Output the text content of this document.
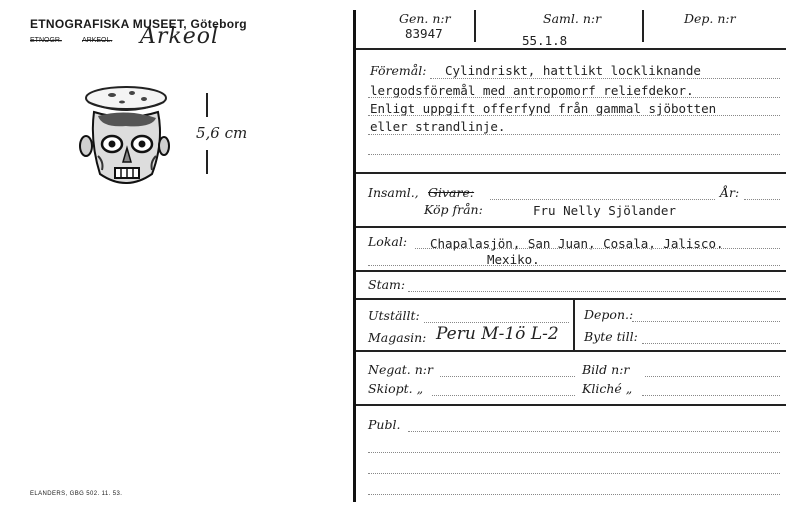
ETNOGRAFISKA MUSEET, Göteborg
ETNOGR.	ARKEOL. Arkeol
5,6 cm
ELANDERS, GBG 502. 11. 53.
Gen. n:r
83947
Saml. n:r
55.1.8
Dep. n:r
Föremål: Cylindriskt, hattlikt lockliknande
lergodsföremål med antropomorf reliefdekor.
Enligt uppgift offerfynd från gammal sjöbotten
eller strandlinje.
Insaml., Givare:	År:
Köp från:	Fru Nelly Sjölander
Lokal: Chapalasjön, San Juan, Cosala, Jalisco.
Mexiko.
Stam:
Utställt:
Magasin: Peru M-1ö L-2
Depon.:
Byte till:
Negat. n:r	Bild n:r
Skiopt. „	Kliché „
Publ.
